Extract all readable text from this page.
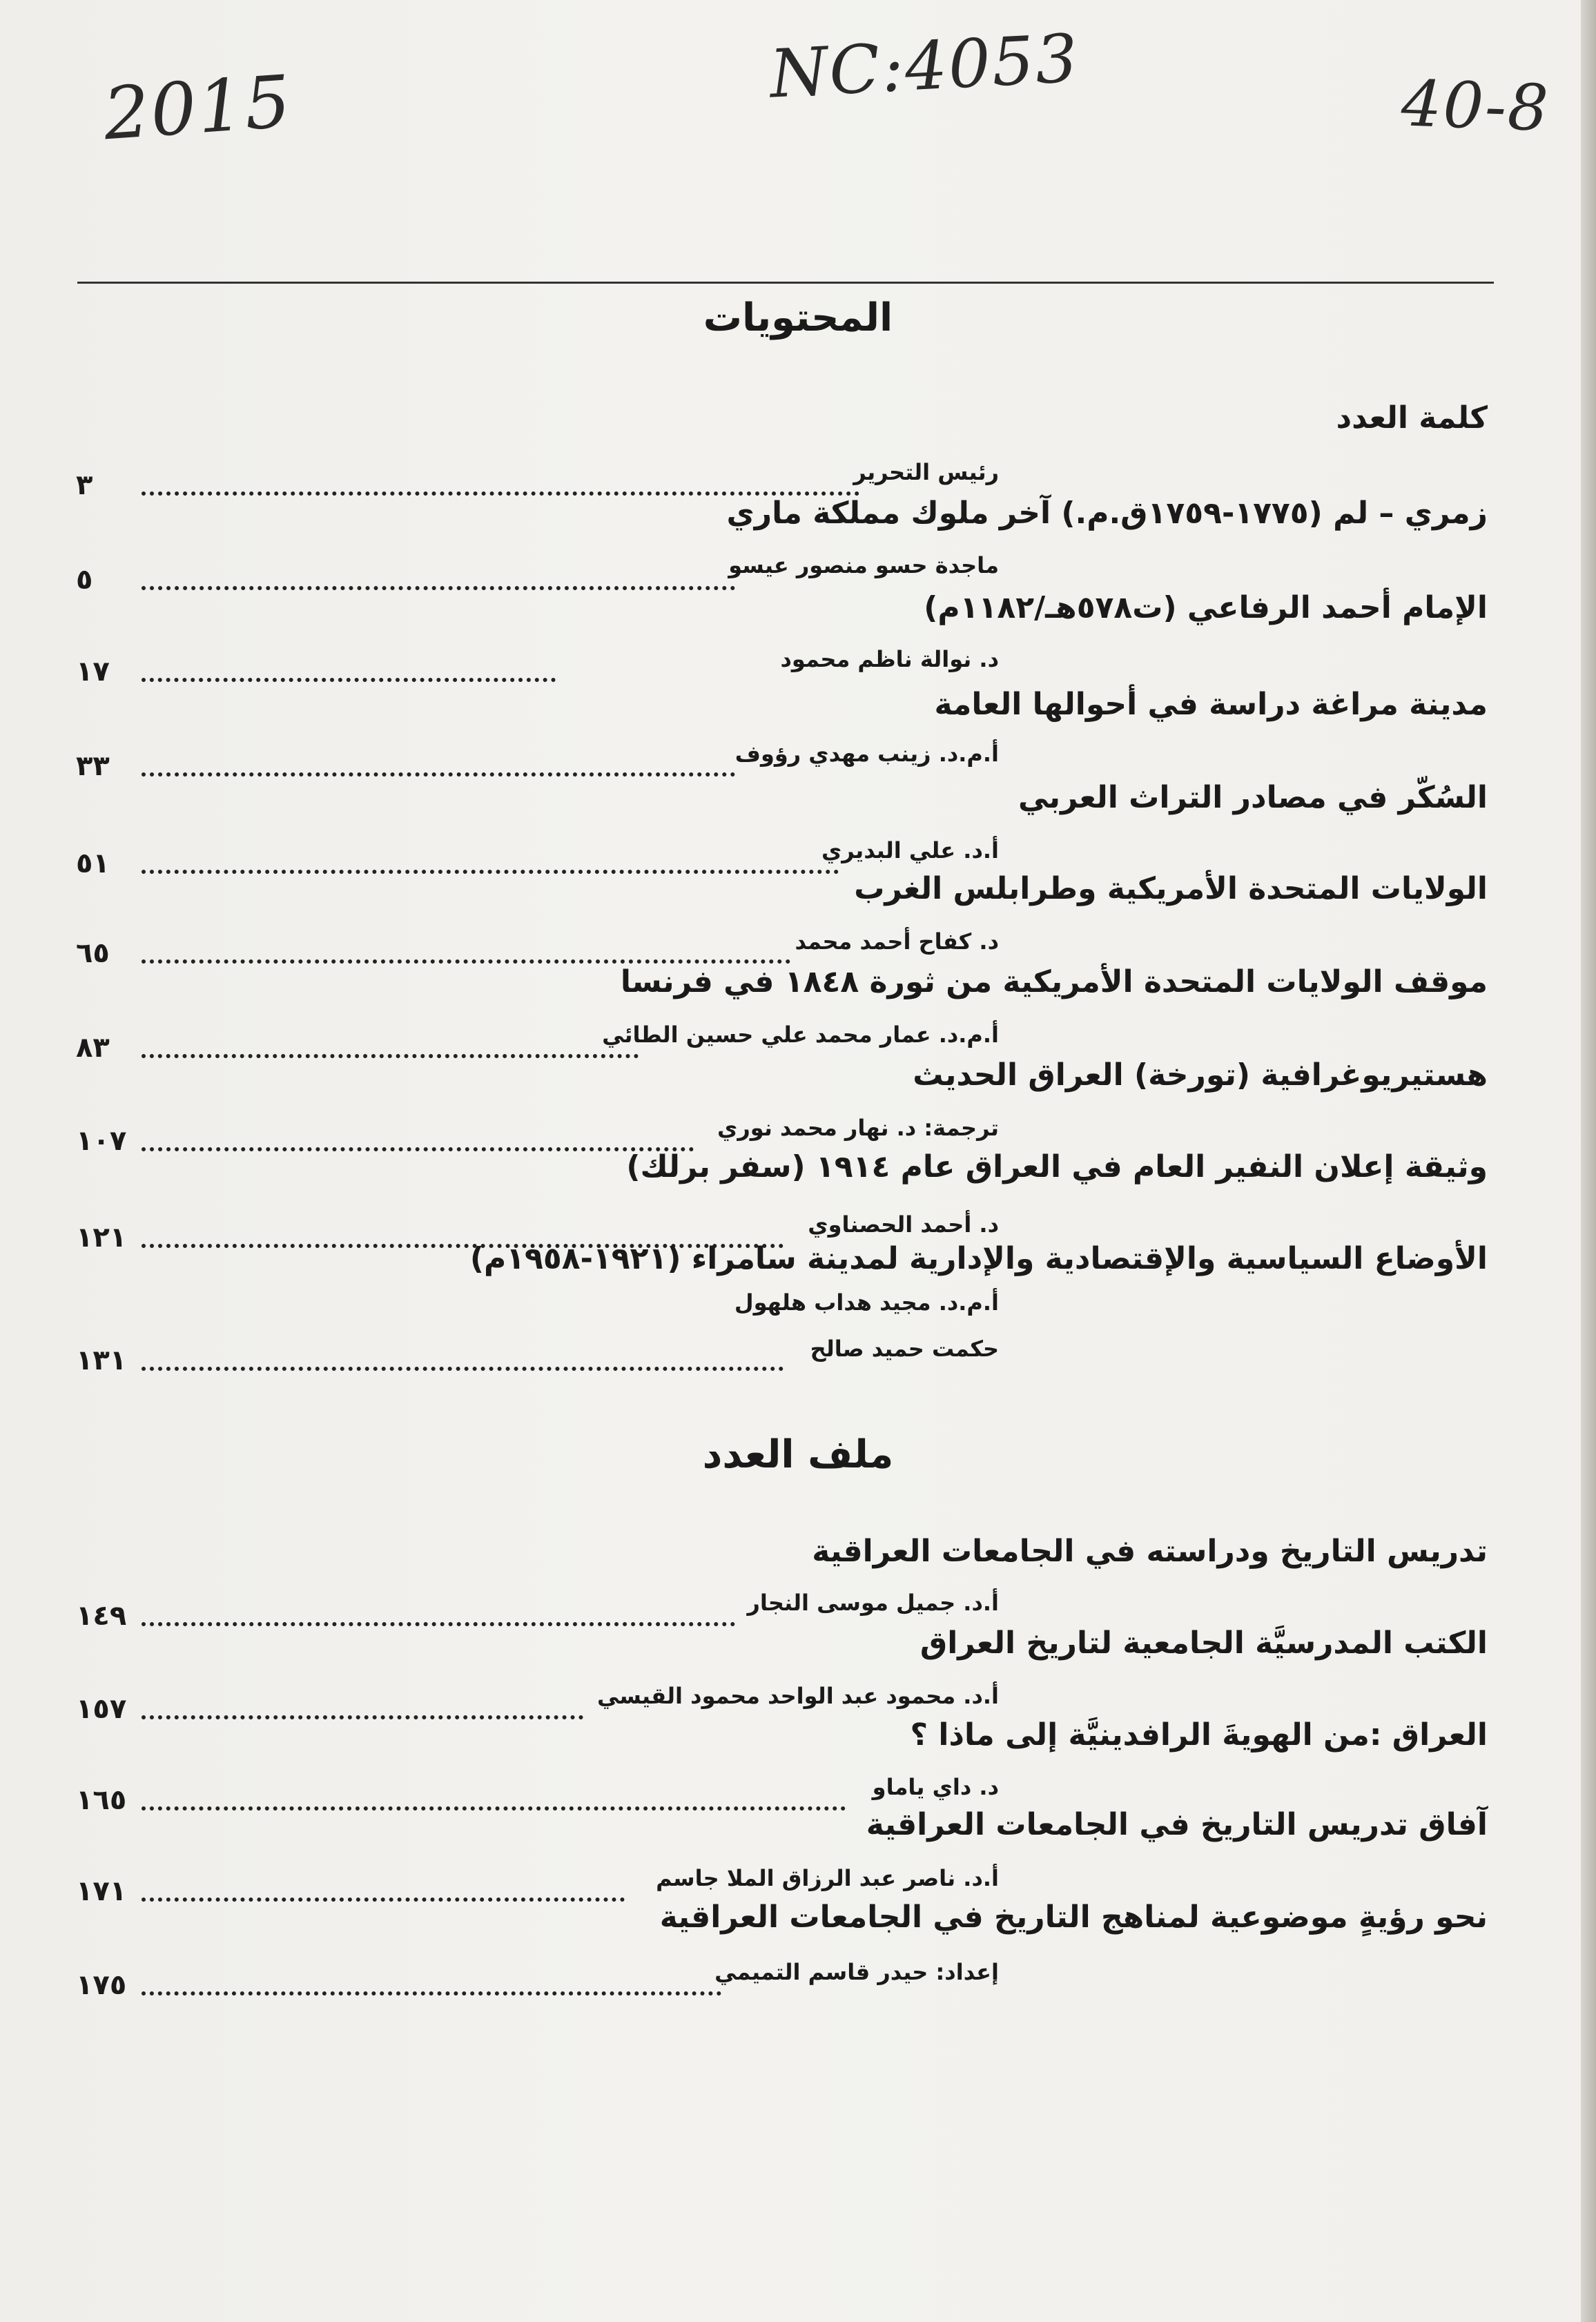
2015	NC:4053	40-8
المحتويات
ملف العدد
كلمة العدد
رئيس التحرير
٣
زمري – لم (١٧٧٥-١٧٥٩ق.م.) آخر ملوك مملكة ماري
ماجدة حسو منصور عيسو
٥
الإمام أحمد الرفاعي (ت٥٧٨هـ/١١٨٢م)
د. نوالة ناظم محمود
١٧
مدينة مراغة دراسة في أحوالها العامة
أ.م.د. زينب مهدي رؤوف
٣٣
السُكّر في مصادر التراث العربي
أ.د. علي البديري
٥١
الولايات المتحدة الأمريكية وطرابلس الغرب
د. كفاح أحمد محمد
٦٥
موقف الولايات المتحدة الأمريكية من ثورة ١٨٤٨ في فرنسا
أ.م.د. عمار محمد علي حسين الطائي
٨٣
هستيريوغرافية (تورخة) العراق الحديث
ترجمة: د. نهار محمد نوري
١٠٧
وثيقة إعلان النفير العام في العراق عام ١٩١٤ (سفر برلك)
د. أحمد الحصناوي
١٢١
الأوضاع السياسية والإقتصادية والإدارية لمدينة سامراء (١٩٢١-١٩٥٨م)
أ.م.د. مجيد هداب هلهول
حكمت حميد صالح
١٣١
تدريس التاريخ ودراسته في الجامعات العراقية
أ.د. جميل موسى النجار
١٤٩
الكتب المدرسيَّة الجامعية لتاريخ العراق
أ.د. محمود عبد الواحد محمود القيسي
١٥٧
العراق :من الهويةَ الرافدينيَّة إلى ماذا ؟
د. داي ياماو
١٦٥
آفاق تدريس التاريخ في الجامعات العراقية
أ.د. ناصر عبد الرزاق الملا جاسم
١٧١
نحو رؤيةٍ موضوعية لمناهج التاريخ في الجامعات العراقية
إعداد: حيدر قاسم التميمي
١٧٥
